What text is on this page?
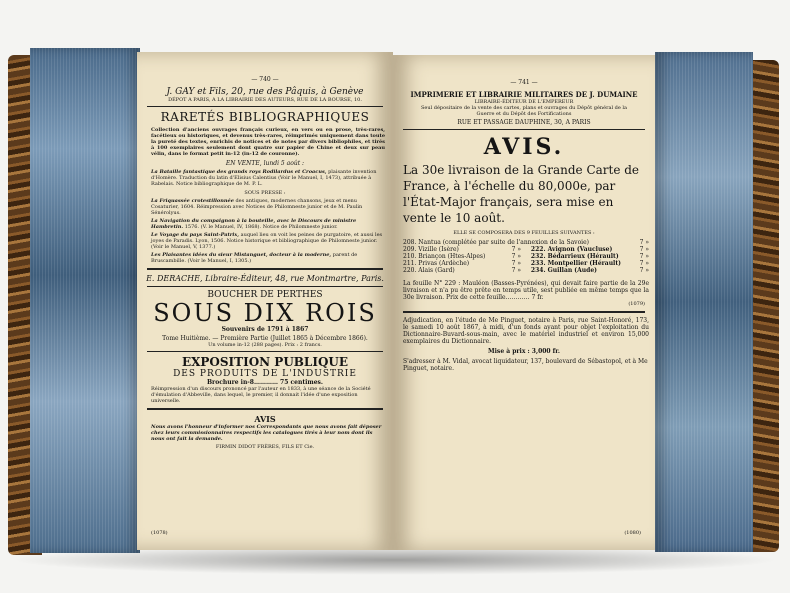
— 740 —
J. GAY et Fils, 20, rue des Pâquis, à Genève
DÉPOT A PARIS, A LA LIBRAIRIE DES AUTEURS, RUE DE LA BOURSE, 10.
RARETÉS BIBLIOGRAPHIQUES
Collection d'anciens ouvrages français curieux, en vers ou en prose, très-rares, facétieux ou historiques, et devenus très-rares, réimprimés uniquement dans toute la pureté des textes, enrichis de notices et de notes par divers bibliophiles, et tirés à 100 exemplaires seulement dont quatre sur papier de Chine et deux sur peau vélin, dans le format petit in-12 (in-12 de couronne).
EN VENTE, lundi 5 août :
La Bataille fantastique des grands roys Rodilardus et Croacus, plaisante invention d'Homère. Traduction du latin d'Elisius Calentius (Voir le Manuel, I, 1473), attribuée à Rabelais. Notice bibliographique de M. P. L.
SOUS PRESSE :
La Friquassée crotestillonnée des antiques, modernes chansons, jeux et menu Cosaturier, 1604. Réimpression avec Notices de Philomneste junior et de M. Paulin Sénérolyus.
La Navigation du compaignon à la bouteille, avec le Discours de ministre Hambretin. 1576. (V. le Manuel, IV, 1868). Notice de Philomneste junior.
Le Voyage du pays Saint-Patrix, auquel lieu on voit les peines de purgatoire, et aussi les joyes de Paradis. Lyon, 1506. Notice historique et bibliographique de Philomneste junior. (Voir le Manuel, V, 1377.)
Les Plaisantes idées du sieur Mistanguet, docteur à la moderne, parent de Bruscambille. (Voir le Manuel, I, 1305.)
E. DERACHE, Libraire-Éditeur, 48, rue Montmartre, Paris.
BOUCHER DE PERTHES
SOUS DIX ROIS
Souvenirs de 1791 à 1867
Tome Huitième. — Première Partie (Juillet 1865 à Décembre 1866).
Un volume in-12 (288 pages). Prix : 2 francs.
EXPOSITION PUBLIQUE
DES PRODUITS DE L'INDUSTRIE
Brochure in-8………… 75 centimes.
Réimpression d'un discours prononcé par l'auteur en 1833, à une séance de la Société d'émulation d'Abbeville, dans lequel, le premier, il donnait l'idée d'une exposition universelle.
AVIS
Nous avons l'honneur d'informer nos Correspondants que nous avons fait déposer chez leurs commissionnaires respectifs les catalogues tirés à leur nom dont ils nous ont fait la demande.
FIRMIN DIDOT FRÈRES, FILS ET Cie.
(1078)
— 741 —
IMPRIMERIE ET LIBRAIRIE MILITAIRES DE J. DUMAINE
LIBRAIRE-ÉDITEUR DE L'EMPEREUR
Seul dépositaire de la vente des cartes, plans et ouvrages du Dépôt général de la Guerre et du Dépôt des Fortifications
RUE ET PASSAGE DAUPHINE, 30, A PARIS
AVIS.
La 30e livraison de la Grande Carte de France, à l'échelle du 80,000e, par l'État-Major français, sera mise en vente le 10 août.
ELLE SE COMPOSERA DES 9 FEUILLES SUIVANTES :
208. Nantua (complétée par suite de l'annexion de la Savoie)	7 »
209. Vizille (Isère)	7 » 222. Avignon (Vaucluse)	7 »
210. Briançon (Htes-Alpes)	7 » 232. Bédarrieux (Hérault)	7 »
211. Privas (Ardèche)	7 » 233. Montpellier (Hérault)	7 »
220. Alais (Gard)	7 » 234. Guillan (Aude)	7 »
La feuille N° 229 : Mauléon (Basses-Pyrénées), qui devait faire partie de la 29e livraison et n'a pu être prête en temps utile, sest publiée en même temps que la 30e livraison. Prix de cette feuille………… 7 fr.
(1079)
Adjudication, en l'étude de Me Pinguet, notaire à Paris, rue Saint-Honoré, 173, le samedi 10 août 1867, à midi, d'un fonds ayant pour objet l'exploitation du Dictionnaire-Buvard-sous-main, avec le matériel industriel et environ 15,000 exemplaires du Dictionnaire.
Mise à prix : 3,000 fr.
S'adresser à M. Vidal, avocat liquidateur, 137, boulevard de Sébastopol, et à Me Pinguet, notaire.
(1080)
